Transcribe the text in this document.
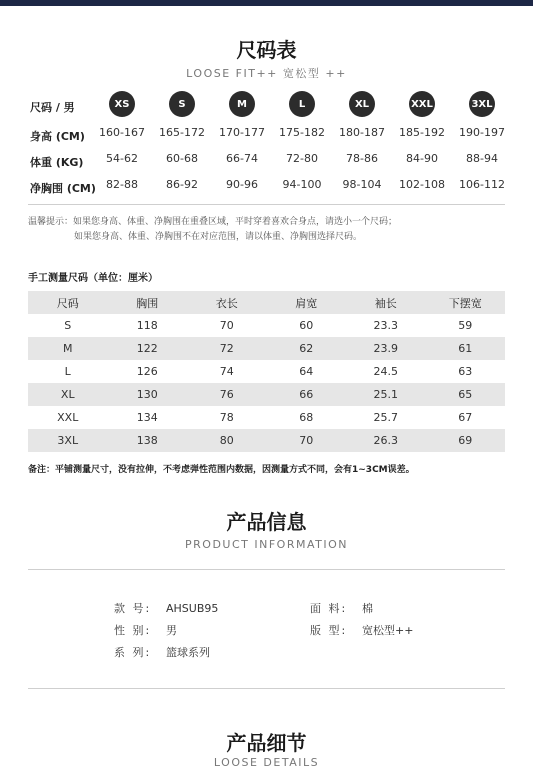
尺码表
LOOSE FIT++ 宽松型 ++
尺码 / 男	XS	S	M	L	XL	XXL	3XL
身高 (CM)	160-167	165-172	170-177	175-182	180-187	185-192	190-197
体重 (KG)	54-62	60-68	66-74	72-80	78-86	84-90	88-94
净胸围 (CM) 82-88	86-92	90-96	94-100	98-104	102-108	106-112
温馨提示：如果您身高、体重、净胸围在重叠区域，平时穿着喜欢合身点，请选小一个尺码；
如果您身高、体重、净胸围不在对应范围，请以体重、净胸围选择尺码。
手工测量尺码（单位：厘米）
尺码	胸围	衣长	肩宽	袖长	下摆宽
S	118	70	60	23.3	59
M	122	72	62	23.9	61
L	126	74	64	24.5	63
XL	130	76	66	25.1	65
XXL	134	78	68	25.7	67
3XL	138	80	70	26.3	69
备注：平铺测量尺寸，没有拉伸，不考虑弹性范围内数据，因测量方式不同，会有1~3CM误差。
产品信息
PRODUCT INFORMATION
款 号: AHSUB95	面 料: 棉
性 别: 男	版 型: 宽松型++
系 列: 篮球系列
产品细节
LOOSE DETAILS
